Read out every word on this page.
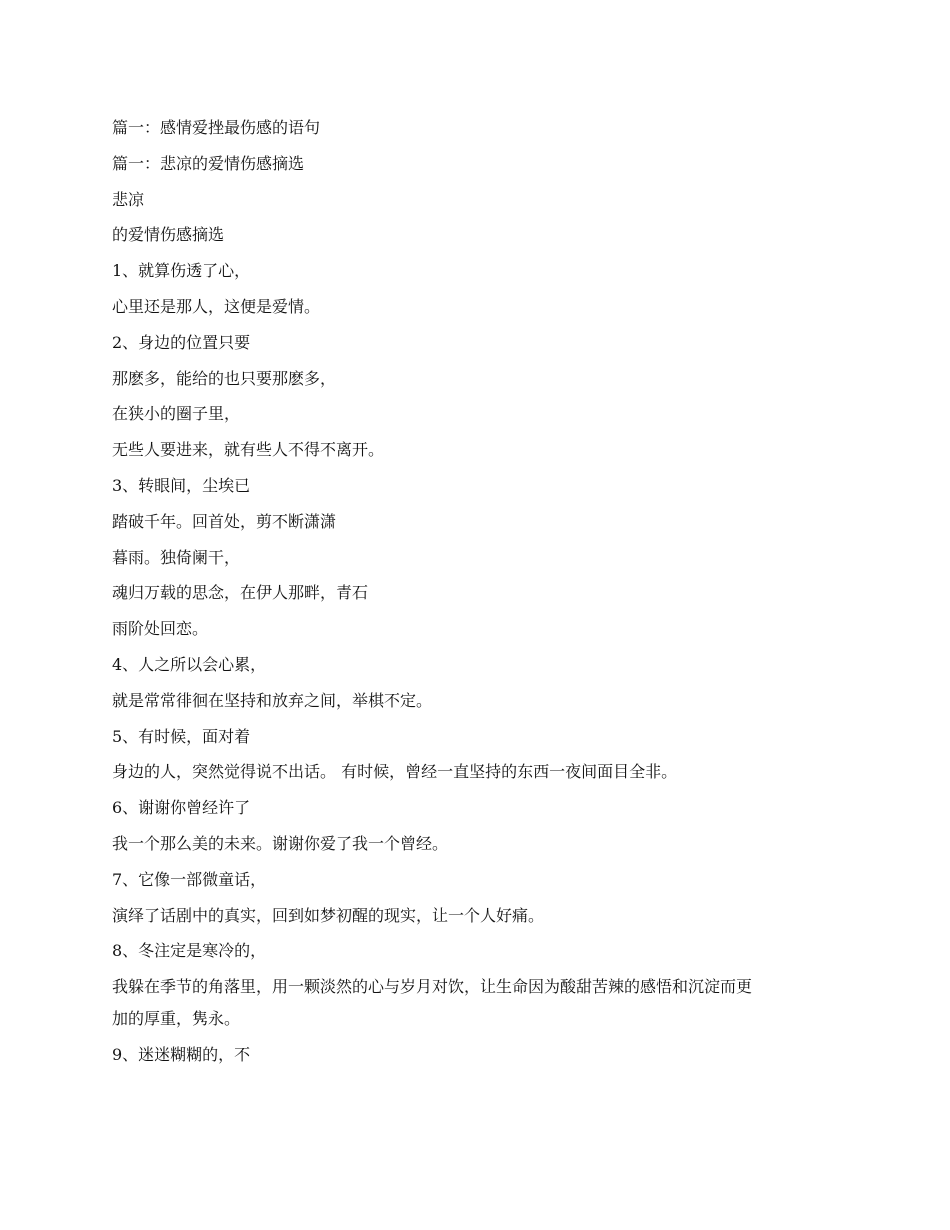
篇一：感情爱挫最伤感的语句

篇一：悲凉的爱情伤感摘选

悲凉

的爱情伤感摘选

1、就算伤透了心，

心里还是那人，这便是爱情。

2、身边的位置只要

那麽多，能给的也只要那麽多，

在狭小的圈子里，

无些人要进来，就有些人不得不离开。

3、转眼间，尘埃已

踏破千年。回首处，剪不断潇潇

暮雨。独倚阑干，

魂归万载的思念，在伊人那畔，青石

雨阶处回恋。

4、人之所以会心累，

就是常常徘徊在坚持和放弃之间，举棋不定。

5、有时候，面对着

身边的人，突然觉得说不出话。 有时候，曾经一直坚持的东西一夜间面目全非。

6、谢谢你曾经许了

我一个那么美的未来。谢谢你爱了我一个曾经。

7、它像一部微童话，

演绎了话剧中的真实，回到如梦初醒的现实，让一个人好痛。

8、冬注定是寒冷的，

我躲在季节的角落里，用一颗淡然的心与岁月对饮，让生命因为酸甜苦辣的感悟和沉淀而更

加的厚重，隽永。

9、迷迷糊糊的，不
